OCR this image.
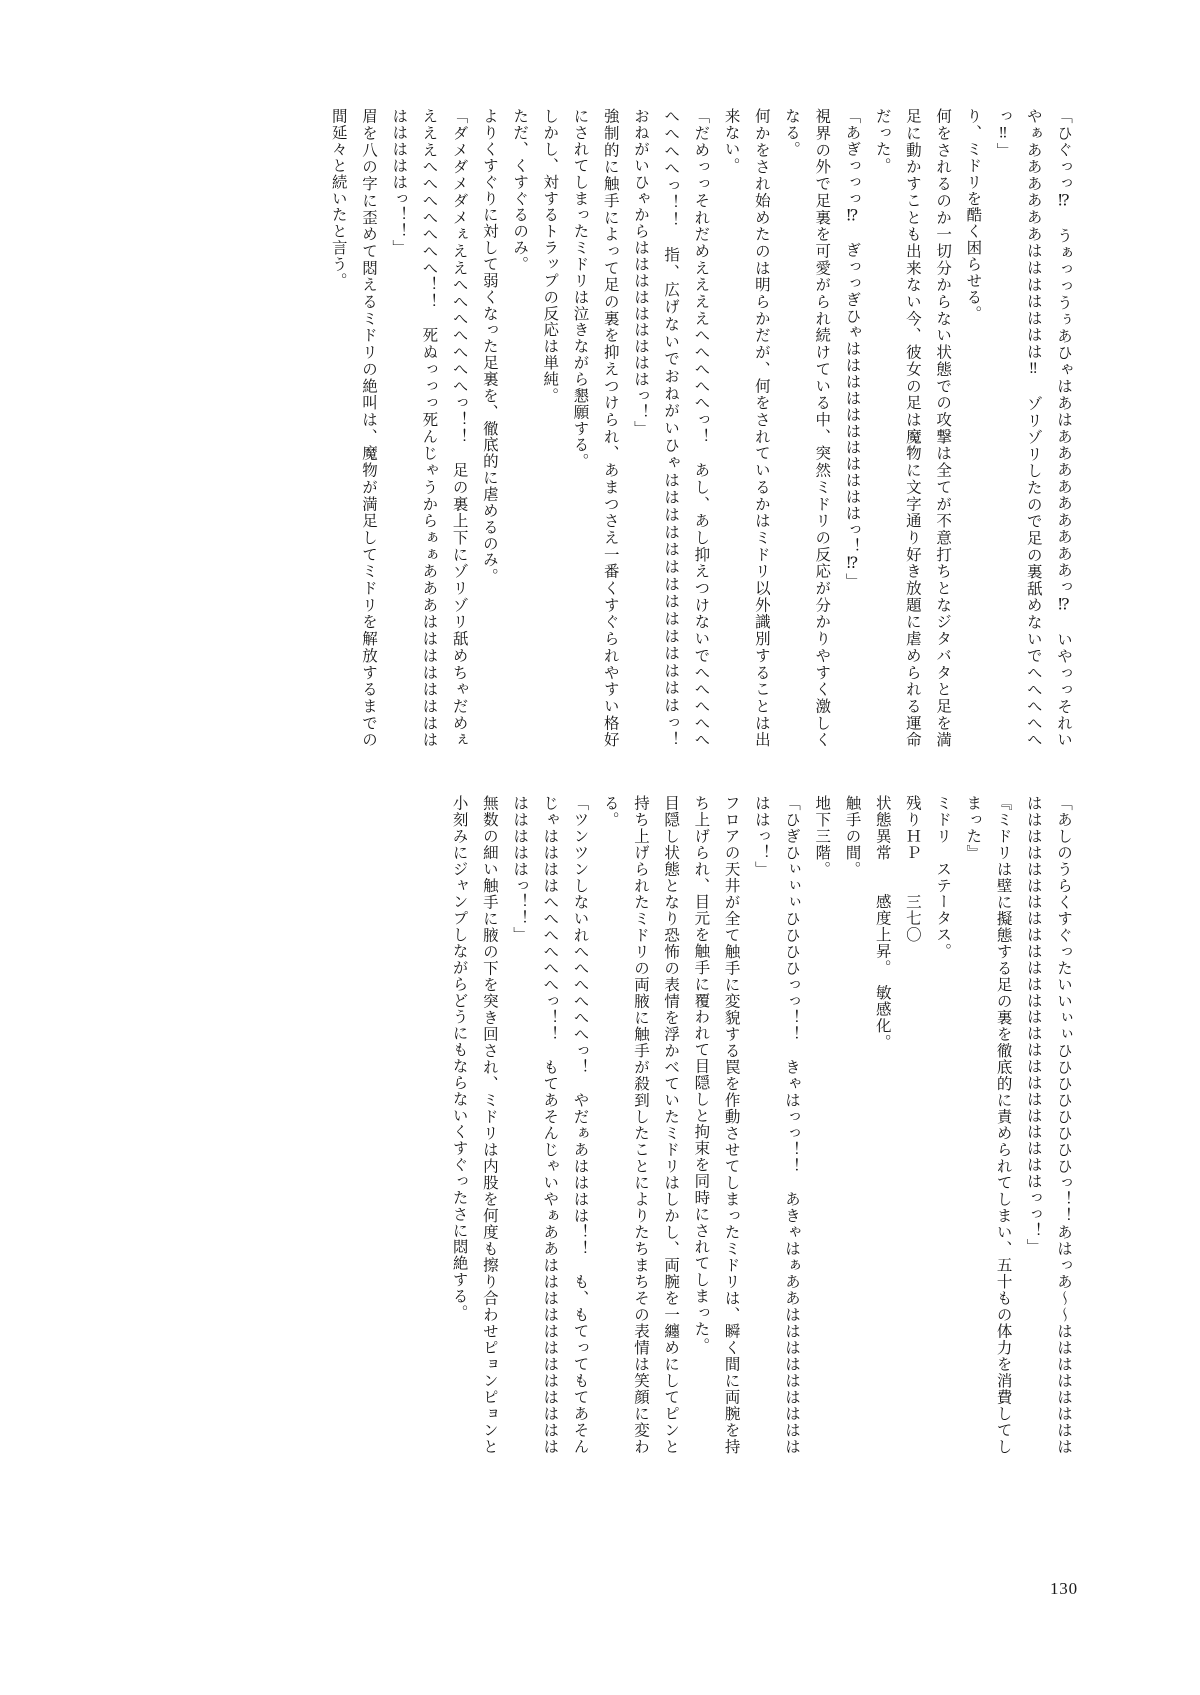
「ひぐっっ⁉　うぁっっうぅあひゃはあはあああああああああっ⁉　いやっっそれいやぁああああああははははははは‼　ゾリゾリしたので足の裏舐めないでへへへへへっ‼」
り、ミドリを酷く困らせる。
何をされるのか一切分からない状態での攻撃は全てが不意打ちとなジタバタと足を満足に動かすことも出来ない今、彼女の足は魔物に文字通り好き放題に虐められる運命だった。
「あぎっっっ⁉　ぎっっぎひゃはははははははははははっ！⁉」
視界の外で足裏を可愛がられ続けている中、突然ミドリの反応が分かりやすく激しくなる。
何かをされ始めたのは明らかだが、何をされているかはミドリ以外識別することは出来ない。
「だめっっそれだめええええへへへへへっ！　あし、あし抑えつけないでへへへへへへへへへっ！！　指、広げないでおねがいひゃははははははははははははははっ！　おねがいひゃからはははははははははっ！」
強制的に触手によって足の裏を抑えつけられ、あまつさえ一番くすぐられやすい格好にされてしまったミドリは泣きながら懇願する。
しかし、対するトラップの反応は単純。
ただ、くすぐるのみ。
よりくすぐりに対して弱くなった足裏を、徹底的に虐めるのみ。
「ダメダメダメぇええへへへへへへへっ！！　足の裏上下にゾリゾリ舐めちゃだめぇえええへへへへへへへ！！　死ぬっっっ死んじゃうからぁぁあああはははははははははははははっ！！」
眉を八の字に歪めて悶えるミドリの絶叫は、魔物が満足してミドリを解放するまでの間延々と続いたと言う。
「あしのうらくすぐったいいぃぃひひひひひひひひっ！！あはっあ～～ははははははははははははははははははははははははははははははははっっ！」
『ミドリは壁に擬態する足の裏を徹底的に責められてしまい、五十もの体力を消費してしまった』
ミドリ　ステータス。
残りＨＰ　　三七〇
状態異常　　感度上昇。　敏感化。
触手の間。
地下三階。
「ひぎひぃぃぃひひひひっっ！！　きゃはっっ！！　あきゃはぁああはははははははははははっ！」
フロアの天井が全て触手に変貌する罠を作動させてしまったミドリは、瞬く間に両腕を持ち上げられ、目元を触手に覆われて目隠しと拘束を同時にされてしまった。
目隠し状態となり恐怖の表情を浮かべていたミドリはしかし、両腕を一纏めにしてピンと持ち上げられたミドリの両腋に触手が殺到したことによりたちまちその表情は笑顔に変わる。
「ツンツンしないれへへへへへへっ！　やだぁあはははは！！　も、もてってもてあそんじゃははははへへへへへへっ！！　もてあそんじゃいやぁああはははははははははははははははははっ！！」
無数の細い触手に腋の下を突き回され、ミドリは内股を何度も擦り合わせピョンピョンと小刻みにジャンプしながらどうにもならないくすぐったさに悶絶する。
130
